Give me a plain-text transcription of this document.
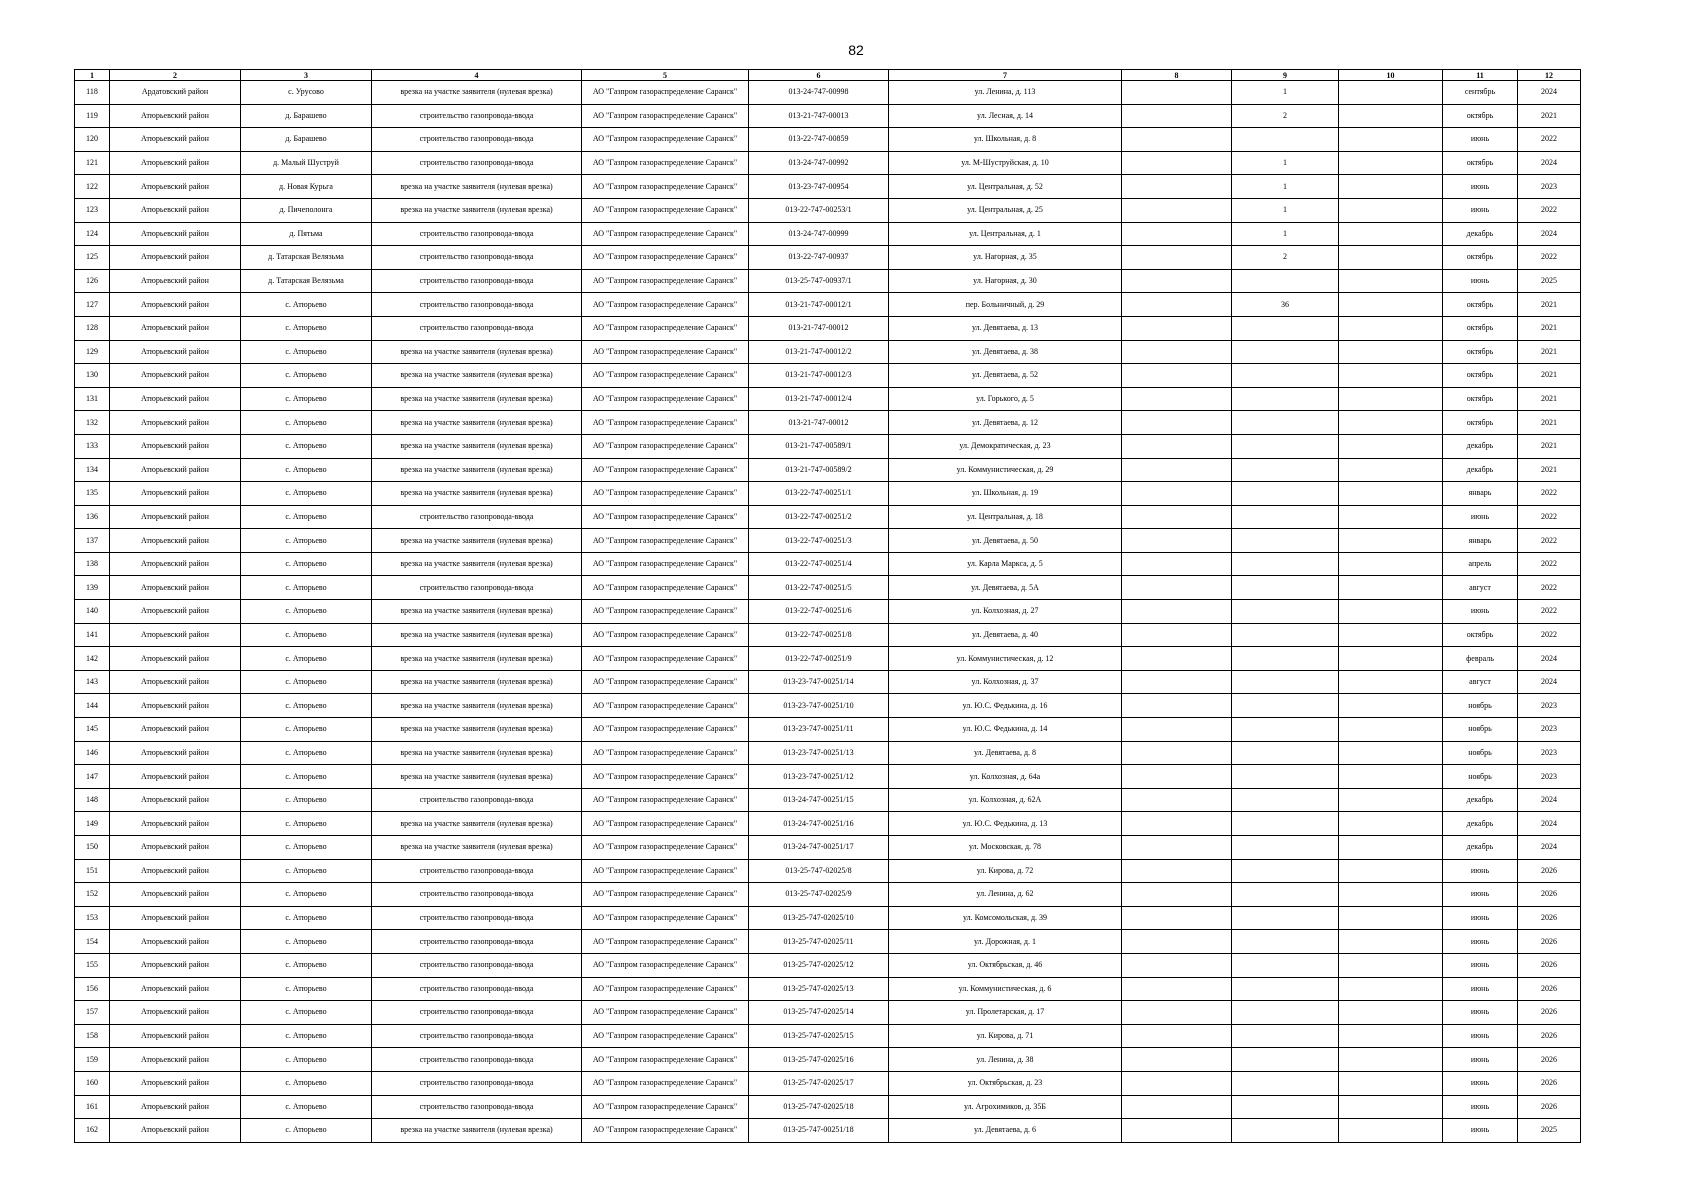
82
1	2	3	4	5	6	7	8	9	10	11	12
118	Ардатовский район	с. Урусово	врезка на участке заявителя (нулевая врезка)	АО "Газпром газораспределение Саранск"	013-24-747-00998	ул. Ленина, д. 113		1		сентябрь	2024
119	Атюрьевский район	д. Барашево	строительство газопровода-ввода	АО "Газпром газораспределение Саранск"	013-21-747-00013	ул. Лесная, д. 14		2		октябрь	2021
120	Атюрьевский район	д. Барашево	строительство газопровода-ввода	АО "Газпром газораспределение Саранск"	013-22-747-00859	ул. Школьная, д. 8				июнь	2022
121	Атюрьевский район	д. Малый Шуструй	строительство газопровода-ввода	АО "Газпром газораспределение Саранск"	013-24-747-00992	ул. М-Шуструйская, д. 10		1		октябрь	2024
122	Атюрьевский район	д. Новая Курьга	врезка на участке заявителя (нулевая врезка)	АО "Газпром газораспределение Саранск"	013-23-747-00954	ул. Центральная, д. 52		1		июнь	2023
123	Атюрьевский район	д. Пичеполонга	врезка на участке заявителя (нулевая врезка)	АО "Газпром газораспределение Саранск"	013-22-747-00253/1	ул. Центральная, д. 25		1		июнь	2022
124	Атюрьевский район	д. Пятьма	строительство газопровода-ввода	АО "Газпром газораспределение Саранск"	013-24-747-00999	ул. Центральная, д. 1		1		декабрь	2024
125	Атюрьевский район	д. Татарская Велязьма	строительство газопровода-ввода	АО "Газпром газораспределение Саранск"	013-22-747-00937	ул. Нагорная, д. 35		2		октябрь	2022
126	Атюрьевский район	д. Татарская Велязьма	строительство газопровода-ввода	АО "Газпром газораспределение Саранск"	013-25-747-00937/1	ул. Нагорная, д. 30				июнь	2025
127	Атюрьевский район	с. Атюрьево	строительство газопровода-ввода	АО "Газпром газораспределение Саранск"	013-21-747-00012/1	пер. Больничный, д. 29		36		октябрь	2021
128	Атюрьевский район	с. Атюрьево	строительство газопровода-ввода	АО "Газпром газораспределение Саранск"	013-21-747-00012	ул. Девятаева, д. 13				октябрь	2021
129	Атюрьевский район	с. Атюрьево	врезка на участке заявителя (нулевая врезка)	АО "Газпром газораспределение Саранск"	013-21-747-00012/2	ул. Девятаева, д. 38				октябрь	2021
130	Атюрьевский район	с. Атюрьево	врезка на участке заявителя (нулевая врезка)	АО "Газпром газораспределение Саранск"	013-21-747-00012/3	ул. Девятаева, д. 52				октябрь	2021
131	Атюрьевский район	с. Атюрьево	врезка на участке заявителя (нулевая врезка)	АО "Газпром газораспределение Саранск"	013-21-747-00012/4	ул. Горького, д. 5				октябрь	2021
132	Атюрьевский район	с. Атюрьево	врезка на участке заявителя (нулевая врезка)	АО "Газпром газораспределение Саранск"	013-21-747-00012	ул. Девятаева, д. 12				октябрь	2021
133	Атюрьевский район	с. Атюрьево	врезка на участке заявителя (нулевая врезка)	АО "Газпром газораспределение Саранск"	013-21-747-00589/1	ул. Демократическая, д. 23				декабрь	2021
134	Атюрьевский район	с. Атюрьево	врезка на участке заявителя (нулевая врезка)	АО "Газпром газораспределение Саранск"	013-21-747-00589/2	ул. Коммунистическая, д. 29				декабрь	2021
135	Атюрьевский район	с. Атюрьево	врезка на участке заявителя (нулевая врезка)	АО "Газпром газораспределение Саранск"	013-22-747-00251/1	ул. Школьная, д. 19				январь	2022
136	Атюрьевский район	с. Атюрьево	строительство газопровода-ввода	АО "Газпром газораспределение Саранск"	013-22-747-00251/2	ул. Центральная, д. 18				июнь	2022
137	Атюрьевский район	с. Атюрьево	врезка на участке заявителя (нулевая врезка)	АО "Газпром газораспределение Саранск"	013-22-747-00251/3	ул. Девятаева, д. 50				январь	2022
138	Атюрьевский район	с. Атюрьево	врезка на участке заявителя (нулевая врезка)	АО "Газпром газораспределение Саранск"	013-22-747-00251/4	ул. Карла Маркса, д. 5				апрель	2022
139	Атюрьевский район	с. Атюрьево	строительство газопровода-ввода	АО "Газпром газораспределение Саранск"	013-22-747-00251/5	ул. Девятаева, д. 5А				август	2022
140	Атюрьевский район	с. Атюрьево	врезка на участке заявителя (нулевая врезка)	АО "Газпром газораспределение Саранск"	013-22-747-00251/6	ул. Колхозная, д. 27				июнь	2022
141	Атюрьевский район	с. Атюрьево	врезка на участке заявителя (нулевая врезка)	АО "Газпром газораспределение Саранск"	013-22-747-00251/8	ул. Девятаева, д. 40				октябрь	2022
142	Атюрьевский район	с. Атюрьево	врезка на участке заявителя (нулевая врезка)	АО "Газпром газораспределение Саранск"	013-22-747-00251/9	ул. Коммунистическая, д. 12				февраль	2024
143	Атюрьевский район	с. Атюрьево	врезка на участке заявителя (нулевая врезка)	АО "Газпром газораспределение Саранск"	013-23-747-00251/14	ул. Колхозная, д. 37				август	2024
144	Атюрьевский район	с. Атюрьево	врезка на участке заявителя (нулевая врезка)	АО "Газпром газораспределение Саранск"	013-23-747-00251/10	ул. Ю.С. Федькина, д. 16				ноябрь	2023
145	Атюрьевский район	с. Атюрьево	врезка на участке заявителя (нулевая врезка)	АО "Газпром газораспределение Саранск"	013-23-747-00251/11	ул. Ю.С. Федькина, д. 14				ноябрь	2023
146	Атюрьевский район	с. Атюрьево	врезка на участке заявителя (нулевая врезка)	АО "Газпром газораспределение Саранск"	013-23-747-00251/13	ул. Девятаева, д. 8				ноябрь	2023
147	Атюрьевский район	с. Атюрьево	врезка на участке заявителя (нулевая врезка)	АО "Газпром газораспределение Саранск"	013-23-747-00251/12	ул. Колхозная, д. 64а				ноябрь	2023
148	Атюрьевский район	с. Атюрьево	строительство газопровода-ввода	АО "Газпром газораспределение Саранск"	013-24-747-00251/15	ул. Колхозная, д. 62А				декабрь	2024
149	Атюрьевский район	с. Атюрьево	врезка на участке заявителя (нулевая врезка)	АО "Газпром газораспределение Саранск"	013-24-747-00251/16	ул. Ю.С. Федькина, д. 13				декабрь	2024
150	Атюрьевский район	с. Атюрьево	врезка на участке заявителя (нулевая врезка)	АО "Газпром газораспределение Саранск"	013-24-747-00251/17	ул. Московская, д. 78				декабрь	2024
151	Атюрьевский район	с. Атюрьево	строительство газопровода-ввода	АО "Газпром газораспределение Саранск"	013-25-747-02025/8	ул. Кирова, д. 72				июнь	2026
152	Атюрьевский район	с. Атюрьево	строительство газопровода-ввода	АО "Газпром газораспределение Саранск"	013-25-747-02025/9	ул. Ленина, д. 62				июнь	2026
153	Атюрьевский район	с. Атюрьево	строительство газопровода-ввода	АО "Газпром газораспределение Саранск"	013-25-747-02025/10	ул. Комсомольская, д. 39				июнь	2026
154	Атюрьевский район	с. Атюрьево	строительство газопровода-ввода	АО "Газпром газораспределение Саранск"	013-25-747-02025/11	ул. Дорожная, д. 1				июнь	2026
155	Атюрьевский район	с. Атюрьево	строительство газопровода-ввода	АО "Газпром газораспределение Саранск"	013-25-747-02025/12	ул. Октябрьская, д. 46				июнь	2026
156	Атюрьевский район	с. Атюрьево	строительство газопровода-ввода	АО "Газпром газораспределение Саранск"	013-25-747-02025/13	ул. Коммунистическая, д. 6				июнь	2026
157	Атюрьевский район	с. Атюрьево	строительство газопровода-ввода	АО "Газпром газораспределение Саранск"	013-25-747-02025/14	ул. Пролетарская, д. 17				июнь	2026
158	Атюрьевский район	с. Атюрьево	строительство газопровода-ввода	АО "Газпром газораспределение Саранск"	013-25-747-02025/15	ул. Кирова, д. 71				июнь	2026
159	Атюрьевский район	с. Атюрьево	строительство газопровода-ввода	АО "Газпром газораспределение Саранск"	013-25-747-02025/16	ул. Ленина, д. 38				июнь	2026
160	Атюрьевский район	с. Атюрьево	строительство газопровода-ввода	АО "Газпром газораспределение Саранск"	013-25-747-02025/17	ул. Октябрьская, д. 23				июнь	2026
161	Атюрьевский район	с. Атюрьево	строительство газопровода-ввода	АО "Газпром газораспределение Саранск"	013-25-747-02025/18	ул. Агрохимиков, д. 35Б				июнь	2026
162	Атюрьевский район	с. Атюрьево	врезка на участке заявителя (нулевая врезка)	АО "Газпром газораспределение Саранск"	013-25-747-00251/18	ул. Девятаева, д. 6				июнь	2025
